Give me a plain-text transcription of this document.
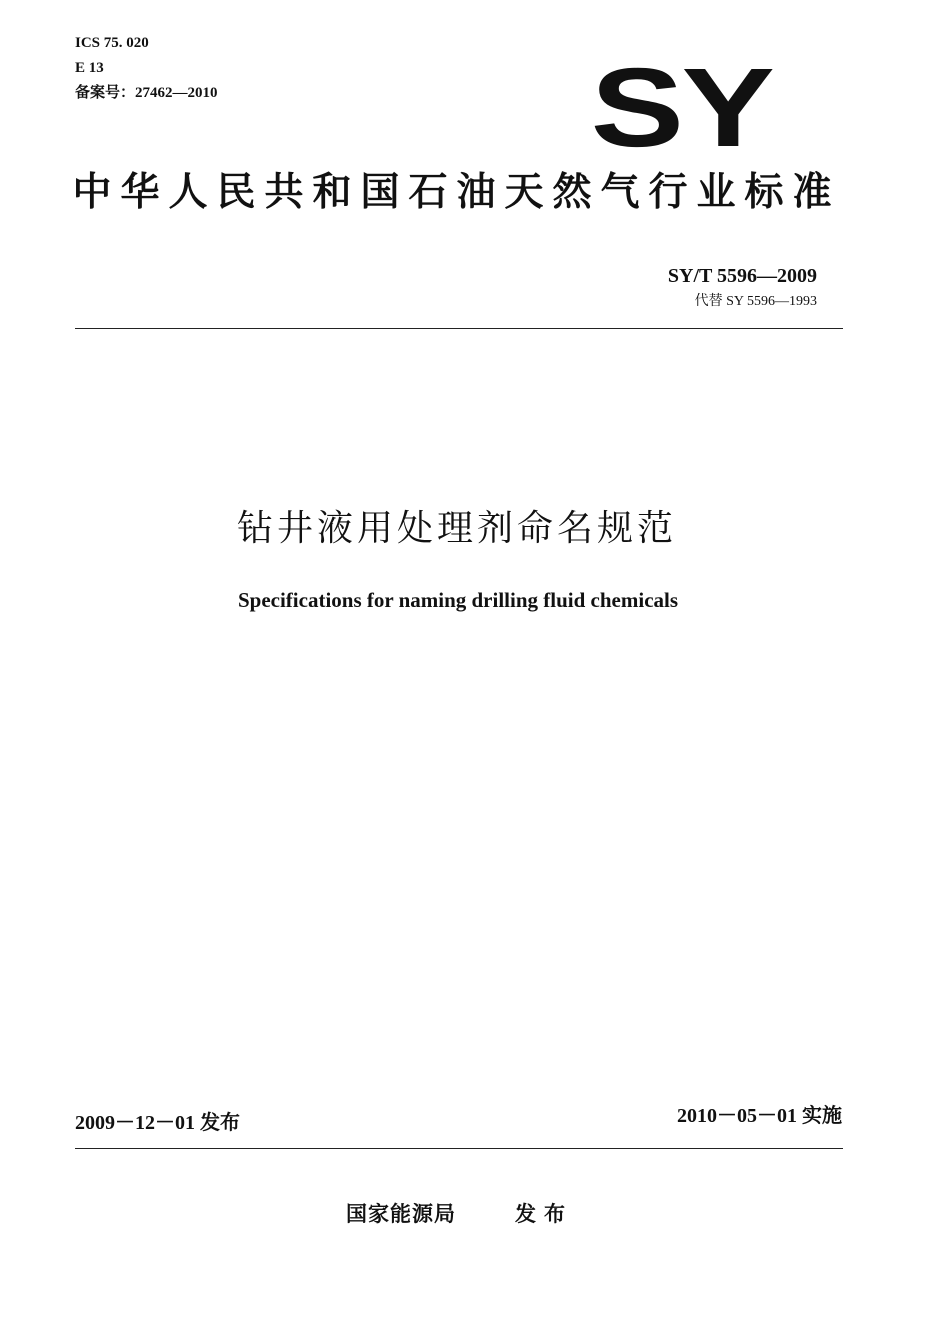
ICS 75. 020
E 13
备案号：27462—2010	SY
中华人民共和国石油天然气行业标准
SY/T 5596—2009
代替 SY 5596—1993
钻井液用处理剂命名规范
Specifications for naming drilling fluid chemicals
2009－12－01 发布	2010－05－01 实施
国家能源局	发布
